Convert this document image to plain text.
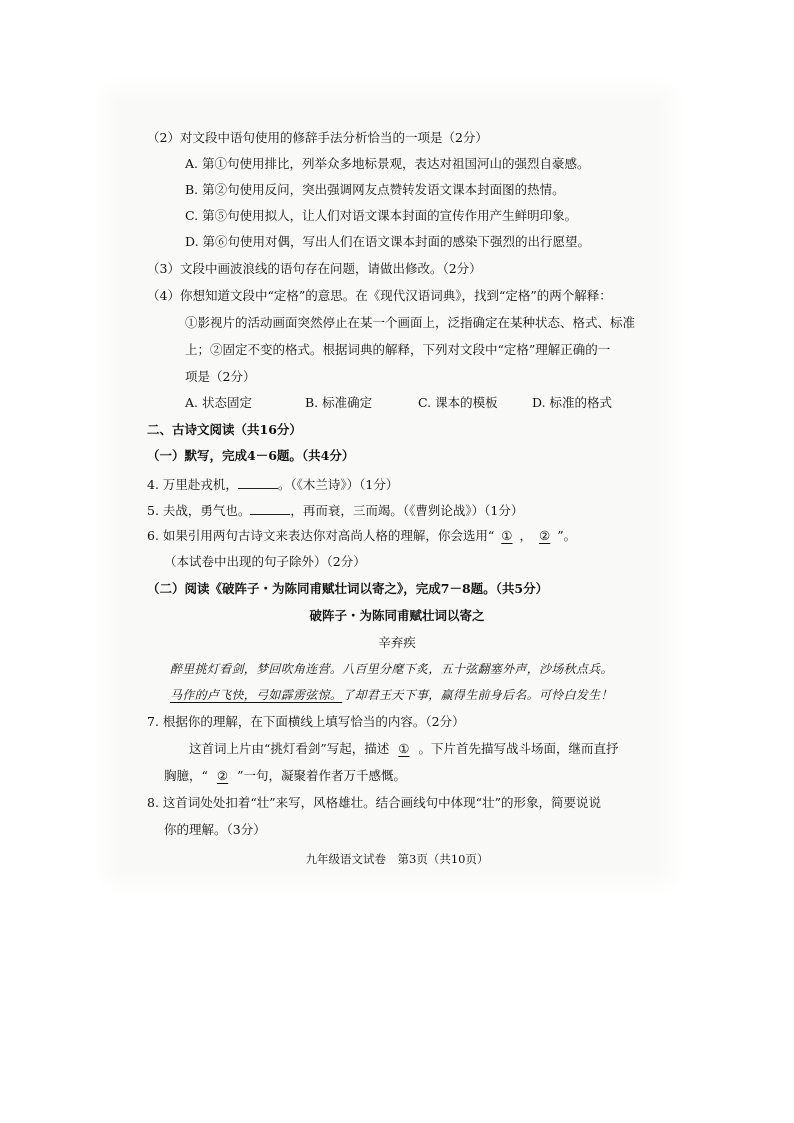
（2）对文段中语句使用的修辞手法分析恰当的一项是（2分）
A. 第①句使用排比，列举众多地标景观，表达对祖国河山的强烈自豪感。
B. 第②句使用反问，突出强调网友点赞转发语文课本封面图的热情。
C. 第⑤句使用拟人，让人们对语文课本封面的宣传作用产生鲜明印象。
D. 第⑥句使用对偶，写出人们在语文课本封面的感染下强烈的出行愿望。
（3）文段中画波浪线的语句存在问题，请做出修改。（2分）
（4）你想知道文段中“定格”的意思。在《现代汉语词典》，找到“定格”的两个解释：
①影视片的活动画面突然停止在某一个画面上，泛指确定在某种状态、格式、标准
上；②固定不变的格式。根据词典的解释，下列对文段中“定格”理解正确的一
项是（2分）
A. 状态固定	B. 标准确定	C. 课本的模板	D. 标准的格式
二、古诗文阅读（共16分）
（一）默写，完成4－6题。（共4分）
4. 万里赴戎机，	。（《木兰诗》）（1分）
5. 夫战，勇气也。	，再而衰，三而竭。（《曹刿论战》）（1分）
6. 如果引用两句古诗文来表达你对高尚人格的理解，你会选用“ ① ， ② ”。
（本试卷中出现的句子除外）（2分）
（二）阅读《破阵子・为陈同甫赋壮词以寄之》，完成7－8题。（共5分）
破阵子・为陈同甫赋壮词以寄之
辛弃疾
醉里挑灯看剑，梦回吹角连营。八百里分麾下炙，五十弦翻塞外声，沙场秋点兵。
马作的卢飞快，弓如霹雳弦惊。了却君王天下事，赢得生前身后名。可怜白发生！
7. 根据你的理解，在下面横线上填写恰当的内容。（2分）
这首词上片由“挑灯看剑”写起，描述 ① 。下片首先描写战斗场面，继而直抒
胸臆，“ ② ”一句，凝聚着作者万千感慨。
8. 这首词处处扣着“壮”来写，风格雄壮。结合画线句中体现“壮”的形象，简要说说
你的理解。（3分）
九年级语文试卷　第3页（共10页）
